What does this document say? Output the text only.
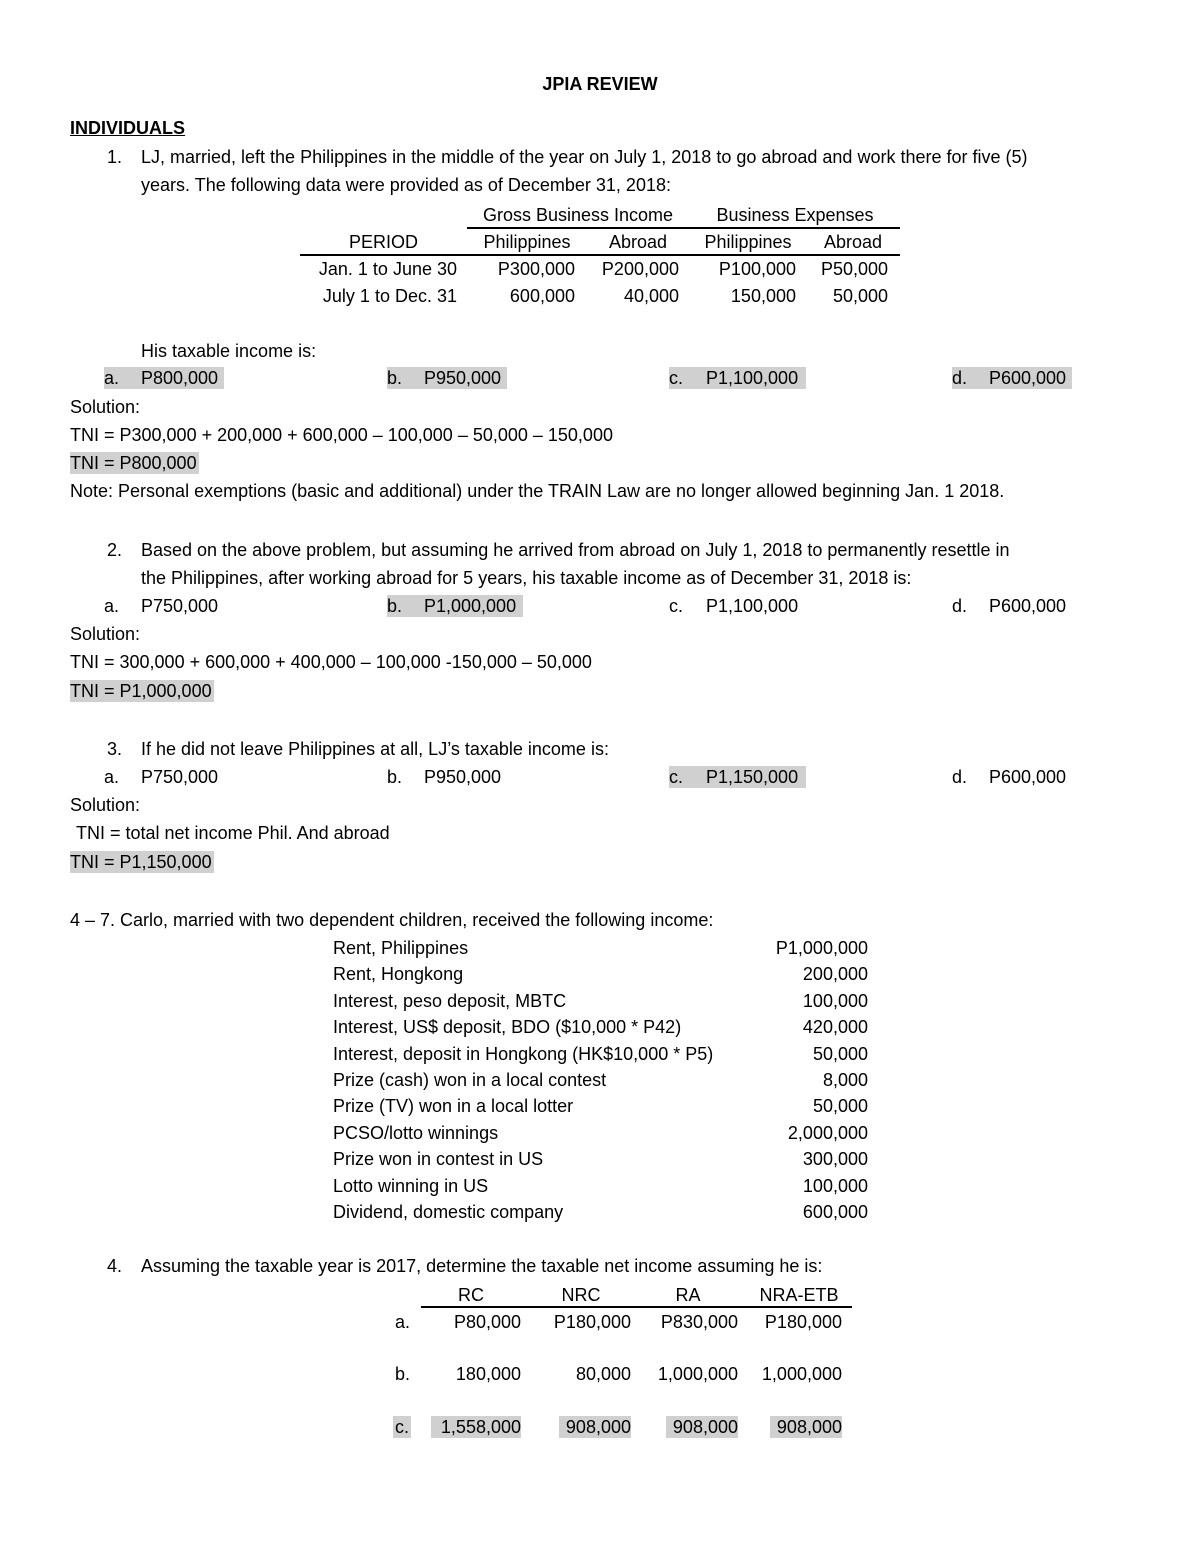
JPIA REVIEW
INDIVIDUALS
1. LJ, married, left the Philippines in the middle of the year on July 1, 2018 to go abroad and work there for five (5)
years. The following data were provided as of December 31, 2018:
Gross Business Income	Business Expenses
PERIOD	Philippines	Abroad	Philippines	Abroad
Jan. 1 to June 30	P300,000	P200,000	P100,000	P50,000
July 1 to Dec. 31	600,000	40,000	150,000	50,000
His taxable income is:
a. P800,000	b. P950,000	c. P1,100,000	d. P600,000
Solution:
TNI = P300,000 + 200,000 + 600,000 – 100,000 – 50,000 – 150,000
TNI = P800,000
Note: Personal exemptions (basic and additional) under the TRAIN Law are no longer allowed beginning Jan. 1 2018.
2. Based on the above problem, but assuming he arrived from abroad on July 1, 2018 to permanently resettle in
the Philippines, after working abroad for 5 years, his taxable income as of December 31, 2018 is:
a. P750,000	b. P1,000,000	c. P1,100,000	d. P600,000
Solution:
TNI = 300,000 + 600,000 + 400,000 – 100,000 -150,000 – 50,000
TNI = P1,000,000
3. If he did not leave Philippines at all, LJ’s taxable income is:
a. P750,000	b. P950,000	c. P1,150,000	d. P600,000
Solution:
TNI = total net income Phil. And abroad
TNI = P1,150,000
4 – 7. Carlo, married with two dependent children, received the following income:
Rent, Philippines	P1,000,000
Rent, Hongkong	200,000
Interest, peso deposit, MBTC	100,000
Interest, US$ deposit, BDO ($10,000 * P42)	420,000
Interest, deposit in Hongkong (HK$10,000 * P5)	50,000
Prize (cash) won in a local contest	8,000
Prize (TV) won in a local lotter	50,000
PCSO/lotto winnings	2,000,000
Prize won in contest in US	300,000
Lotto winning in US	100,000
Dividend, domestic company	600,000
4. Assuming the taxable year is 2017, determine the taxable net income assuming he is:
RC	NRC	RA	NRA-ETB
a.	P80,000	P180,000	P830,000	P180,000
b.	180,000	80,000	1,000,000	1,000,000
c.	1,558,000	908,000	908,000	908,000
